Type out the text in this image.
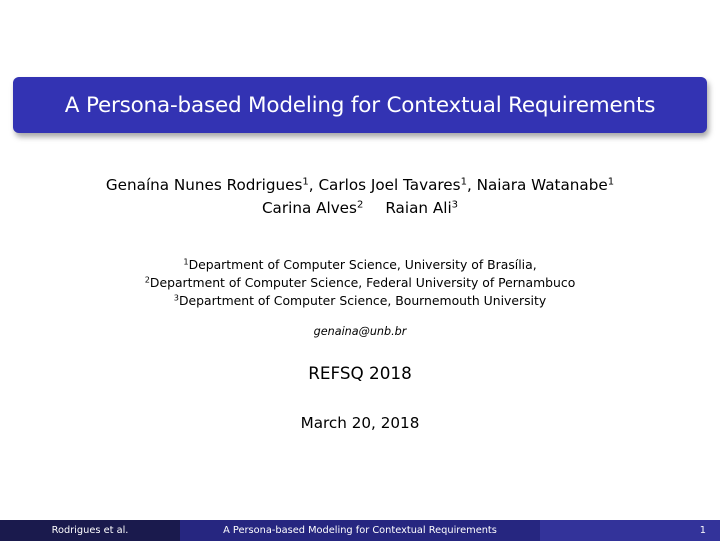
A Persona-based Modeling for Contextual Requirements
Genaína Nunes Rodrigues$^1$, Carlos Joel Tavares$^1$, Naiara Watanabe$^1$
Carina Alves$^2$ Raian Ali$^3$
$^1$Department of Computer Science, University of Brasília,
$^2$Department of Computer Science, Federal University of Pernambuco
$^3$Department of Computer Science, Bournemouth University
genaina@unb.br
REFSQ 2018
March 20, 2018
Rodrigues et al.	A Persona-based Modeling for Contextual Requirements	1
